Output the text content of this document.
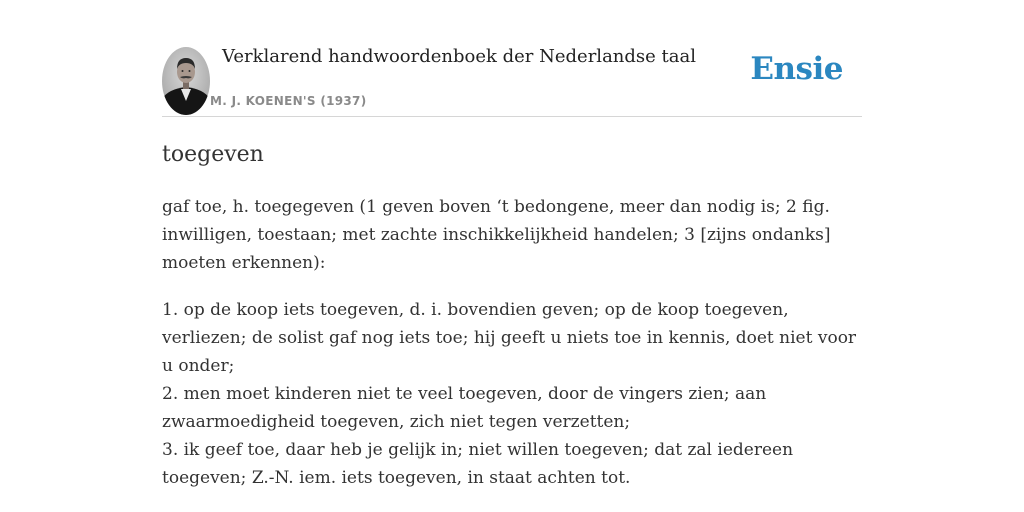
Verklarend handwoordenboek der Nederlandse taal
M. J. KOENEN'S (1937)
Ensie
toegeven
gaf toe, h. toegegeven (1 geven boven ‘t bedongene, meer dan nodig is; 2 fig. inwilligen, toestaan; met zachte inschikkelijkheid handelen; 3 [zijns ondanks] moeten erkennen):
1. op de koop iets toegeven, d. i. bovendien geven; op de koop toegeven, verliezen; de solist gaf nog iets toe; hij geeft u niets toe in kennis, doet niet voor u onder;
2. men moet kinderen niet te veel toegeven, door de vingers zien; aan zwaarmoedigheid toegeven, zich niet tegen verzetten;
3. ik geef toe, daar heb je gelijk in; niet willen toegeven; dat zal iedereen toegeven; Z.-N. iem. iets toegeven, in staat achten tot.
